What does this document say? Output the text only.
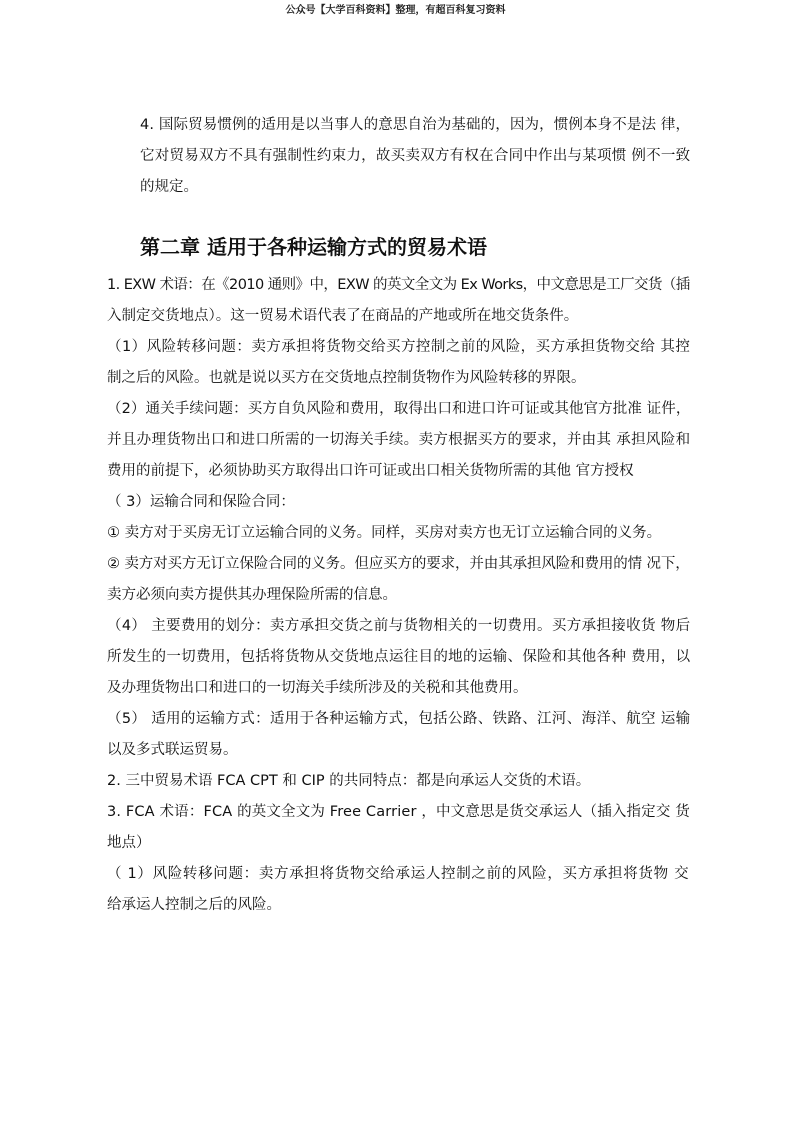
公众号【大学百科资料】整理，有超百科复习资料
4. 国际贸易惯例的适用是以当事人的意思自治为基础的，因为，惯例本身不是法 律，
它对贸易双方不具有强制性约束力，故买卖双方有权在合同中作出与某项惯 例不一致
的规定。
第二章 适用于各种运输方式的贸易术语
1. EXW 术语：在《2010 通则》中，EXW 的英文全文为 Ex Works，中文意思是工厂交货（插
入制定交货地点）。这一贸易术语代表了在商品的产地或所在地交货条件。
（1）风险转移问题：卖方承担将货物交给买方控制之前的风险，买方承担货物交给 其控
制之后的风险。也就是说以买方在交货地点控制货物作为风险转移的界限。
（2）通关手续问题：买方自负风险和费用，取得出口和进口许可证或其他官方批准 证件，
并且办理货物出口和进口所需的一切海关手续。卖方根据买方的要求，并由其 承担风险和
费用的前提下，必须协助买方取得出口许可证或出口相关货物所需的其他 官方授权
（ 3）运输合同和保险合同：
① 卖方对于买房无订立运输合同的义务。同样，买房对卖方也无订立运输合同的义务。
② 卖方对买方无订立保险合同的义务。但应买方的要求，并由其承担风险和费用的情 况下，
卖方必须向卖方提供其办理保险所需的信息。
（4） 主要费用的划分：卖方承担交货之前与货物相关的一切费用。买方承担接收货 物后
所发生的一切费用，包括将货物从交货地点运往目的地的运输、保险和其他各种 费用，以
及办理货物出口和进口的一切海关手续所涉及的关税和其他费用。
（5） 适用的运输方式：适用于各种运输方式，包括公路、铁路、江河、海洋、航空 运输
以及多式联运贸易。
2. 三中贸易术语 FCA CPT 和 CIP 的共同特点：都是向承运人交货的术语。
3. FCA 术语：FCA 的英文全文为 Free Carrier ，中文意思是货交承运人（插入指定交 货
地点）
（ 1）风险转移问题：卖方承担将货物交给承运人控制之前的风险，买方承担将货物 交
给承运人控制之后的风险。
